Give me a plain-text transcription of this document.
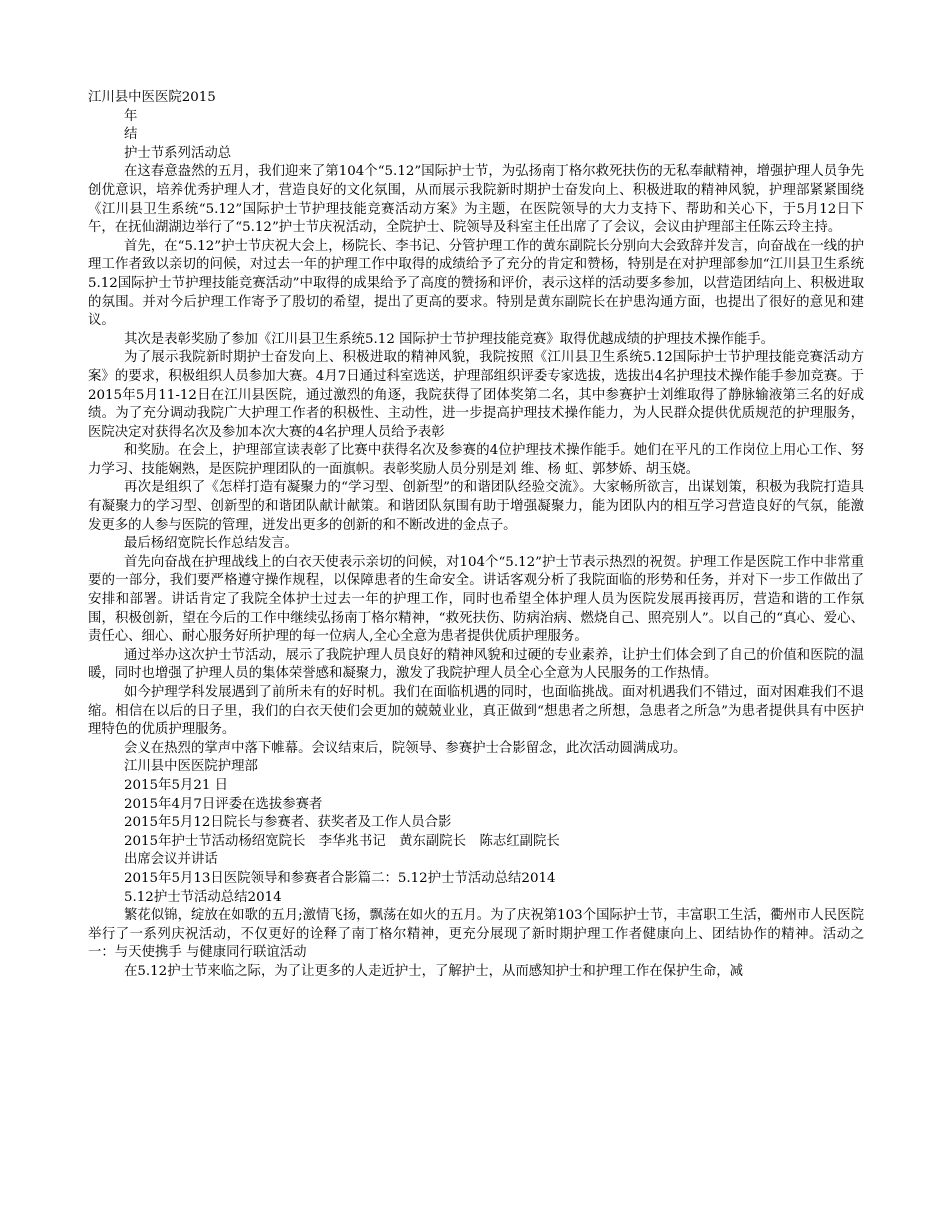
江川县中医医院2015

年

结

护士节系列活动总

在这春意盎然的五月，我们迎来了第104个“5.12”国际护士节，为弘扬南丁格尔救死扶伤的无私奉献精神，增强护理人员争先创优意识，培养优秀护理人才，营造良好的文化氛围，从而展示我院新时期护士奋发向上、积极进取的精神风貌，护理部紧紧围绕《江川县卫生系统“5.12”国际护士节护理技能竞赛活动方案》为主题，在医院领导的大力支持下、帮助和关心下，于5月12日下午，在抚仙湖湖边举行了“5.12”护士节庆祝活动，全院护士、院领导及科室主任出席了了会议，会议由护理部主任陈云玲主持。

首先，在“5.12”护士节庆祝大会上，杨院长、李书记、分管护理工作的黄东副院长分别向大会致辞并发言，向奋战在一线的护理工作者致以亲切的问候，对过去一年的护理工作中取得的成绩给予了充分的肯定和赞杨，特别是在对护理部参加“江川县卫生系统5.12国际护士节护理技能竞赛活动”中取得的成果给予了高度的赞扬和评价，表示这样的活动要多参加，以营造团结向上、积极进取的氛围。并对今后护理工作寄予了殷切的希望，提出了更高的要求。特别是黄东副院长在护患沟通方面，也提出了很好的意见和建议。

其次是表彰奖励了参加《江川县卫生系统5.12 国际护士节护理技能竞赛》取得优越成绩的护理技术操作能手。

为了展示我院新时期护士奋发向上、积极进取的精神风貌，我院按照《江川县卫生系统5.12国际护士节护理技能竞赛活动方案》的要求，积极组织人员参加大赛。4月7日通过科室选送，护理部组织评委专家选拔，选拔出4名护理技术操作能手参加竞赛。于2015年5月11-12日在江川县医院，通过激烈的角逐，我院获得了团体奖第二名，其中参赛护士刘维取得了静脉输液第三名的好成绩。为了充分调动我院广大护理工作者的积极性、主动性，进一步提高护理技术操作能力，为人民群众提供优质规范的护理服务，医院决定对获得名次及参加本次大赛的4名护理人员给予表彰

和奖励。在会上，护理部宣读表彰了比赛中获得名次及参赛的4位护理技术操作能手。她们在平凡的工作岗位上用心工作、努力学习、技能娴熟，是医院护理团队的一面旗帜。表彰奖励人员分别是刘 维、杨 虹、郭梦娇、胡玉娆。

再次是组织了《怎样打造有凝聚力的“学习型、创新型”的和谐团队经验交流》。大家畅所欲言，出谋划策，积极为我院打造具有凝聚力的学习型、创新型的和谐团队献计献策。和谐团队氛围有助于增强凝聚力，能为团队内的相互学习营造良好的气氛，能激发更多的人参与医院的管理，迸发出更多的创新的和不断改进的金点子。

最后杨绍宽院长作总结发言。

首先向奋战在护理战线上的白衣天使表示亲切的问候，对104个“5.12”护士节表示热烈的祝贺。护理工作是医院工作中非常重要的一部分，我们要严格遵守操作规程，以保障患者的生命安全。讲话客观分析了我院面临的形势和任务，并对下一步工作做出了安排和部署。讲话肯定了我院全体护士过去一年的护理工作，同时也希望全体护理人员为医院发展再接再厉，营造和谐的工作氛围，积极创新，望在今后的工作中继续弘扬南丁格尔精神，“救死扶伤、防病治病、燃烧自己、照亮别人”。以自己的“真心、爱心、责任心、细心、耐心服务好所护理的每一位病人,全心全意为患者提供优质护理服务。

通过举办这次护士节活动，展示了我院护理人员良好的精神风貌和过硬的专业素养，让护士们体会到了自己的价值和医院的温暖，同时也增强了护理人员的集体荣誉感和凝聚力，激发了我院护理人员全心全意为人民服务的工作热情。

如今护理学科发展遇到了前所未有的好时机。我们在面临机遇的同时，也面临挑战。面对机遇我们不错过，面对困难我们不退缩。相信在以后的日子里，我们的白衣天使们会更加的兢兢业业，真正做到“想患者之所想，急患者之所急”为患者提供具有中医护理特色的优质护理服务。

会义在热烈的掌声中落下帷幕。会议结束后，院领导、参赛护士合影留念，此次活动圆满成功。

江川县中医医院护理部

2015年5月21 日

2015年4月7日评委在选拔参赛者

2015年5月12日院长与参赛者、获奖者及工作人员合影

2015年护士节活动杨绍宽院长　李华兆书记　黄东副院长　陈志红副院长

出席会议并讲话

2015年5月13日医院领导和参赛者合影篇二：5.12护士节活动总结2014

5.12护士节活动总结2014

繁花似锦，绽放在如歌的五月;激情飞扬，飘荡在如火的五月。为了庆祝第103个国际护士节，丰富职工生活，衢州市人民医院举行了一系列庆祝活动，不仅更好的诠释了南丁格尔精神，更充分展现了新时期护理工作者健康向上、团结协作的精神。活动之一：与天使携手 与健康同行联谊活动

在5.12护士节来临之际，为了让更多的人走近护士，了解护士，从而感知护士和护理工作在保护生命，减
